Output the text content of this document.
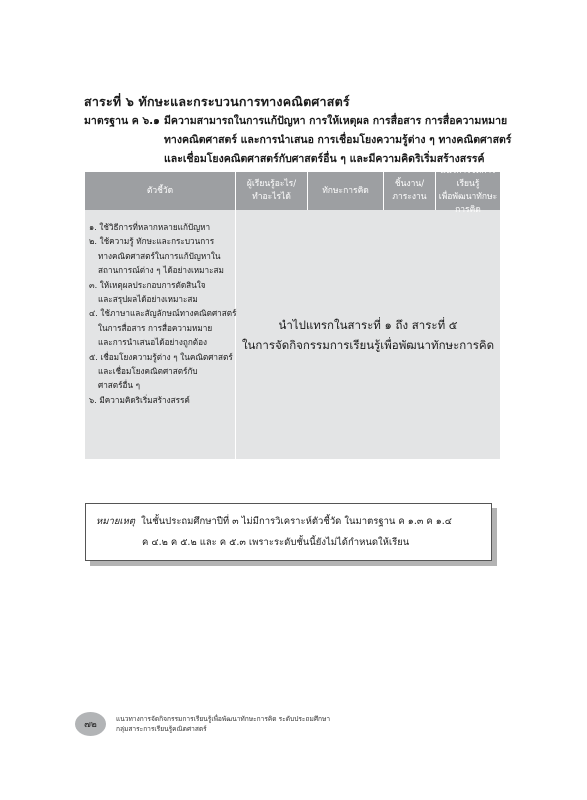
สาระที่ ๖ ทักษะและกระบวนการทางคณิตศาสตร์
มาตรฐาน ค ๖.๑ มีความสามารถในการแก้ปัญหา การให้เหตุผล การสื่อสาร การสื่อความหมาย
ทางคณิตศาสตร์ และการนำเสนอ การเชื่อมโยงความรู้ต่าง ๆ ทางคณิตศาสตร์
และเชื่อมโยงคณิตศาสตร์กับศาสตร์อื่น ๆ และมีความคิดริเริ่มสร้างสรรค์
ตัวชี้วัด
ผู้เรียนรู้อะไร/
ทำอะไรได้
ทักษะการคิด
ชิ้นงาน/
ภาระงาน
แนวการจัดการ เรียนรู้
เพื่อพัฒนาทักษะการคิด
๑. ใช้วิธีการที่หลากหลายแก้ปัญหา
๒. ใช้ความรู้ ทักษะและกระบวนการ
ทางคณิตศาสตร์ในการแก้ปัญหาใน
สถานการณ์ต่าง ๆ ได้อย่างเหมาะสม
๓. ให้เหตุผลประกอบการตัดสินใจ
และสรุปผลได้อย่างเหมาะสม
๔. ใช้ภาษาและสัญลักษณ์ทางคณิตศาสตร์
ในการสื่อสาร การสื่อความหมาย
และการนำเสนอได้อย่างถูกต้อง
๕. เชื่อมโยงความรู้ต่าง ๆ ในคณิตศาสตร์
และเชื่อมโยงคณิตศาสตร์กับ
ศาสตร์อื่น ๆ
๖. มีความคิดริเริ่มสร้างสรรค์
นำไปแทรกในสาระที่ ๑ ถึง สาระที่ ๕
ในการจัดกิจกรรมการเรียนรู้เพื่อพัฒนาทักษะการคิด
หมายเหตุ ในชั้นประถมศึกษาปีที่ ๓ ไม่มีการวิเคราะห์ตัวชี้วัด ในมาตรฐาน ค ๑.๓ ค ๑.๔
ค ๔.๒ ค ๕.๒ และ ค ๕.๓ เพราะระดับชั้นนี้ยังไม่ได้กำหนดให้เรียน
๗๒
แนวทางการจัดกิจกรรมการเรียนรู้เพื่อพัฒนาทักษะการคิด ระดับประถมศึกษา
กลุ่มสาระการเรียนรู้คณิตศาสตร์
